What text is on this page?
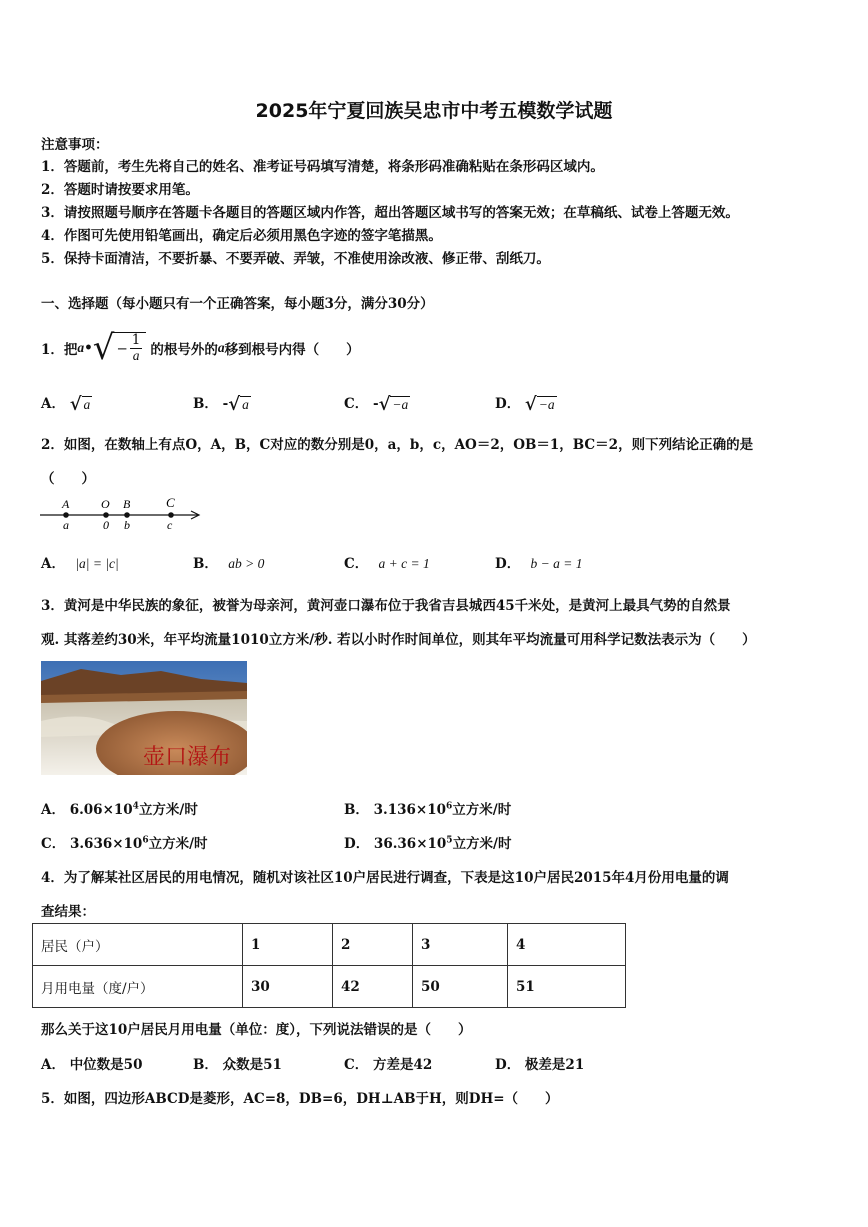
2025年宁夏回族吴忠市中考五模数学试题
注意事项：
1．答题前，考生先将自己的姓名、准考证号码填写清楚，将条形码准确粘贴在条形码区域内。
2．答题时请按要求用笔。
3．请按照题号顺序在答题卡各题目的答题区域内作答，超出答题区域书写的答案无效；在草稿纸、试卷上答题无效。
4．作图可先使用铅笔画出，确定后必须用黑色字迹的签字笔描黑。
5．保持卡面清洁，不要折暴、不要弄破、弄皱，不准使用涂改液、修正带、刮纸刀。
一、选择题（每小题只有一个正确答案，每小题3分，满分30分）
1． 把 a • √ − $\frac{1}{a}$ 的根号外的 a 移到根号内得（　　）
A． √ a	B． -√ a	C． -√ −a	D． √ −a
2．如图，在数轴上有点O，A，B，C对应的数分别是0，a，b，c，AO＝2，OB＝1，BC＝2，则下列结论正确的是
（　　）
A	O B	C
a	0 b	c
A． |a| = |c|	B． ab > 0	C． a + c = 1	D． b − a = 1
3．黄河是中华民族的象征，被誉为母亲河，黄河壶口瀑布位于我省吉县城西45千米处，是黄河上最具气势的自然景
观. 其落差约30米，年平均流量1010立方米/秒. 若以小时作时间单位，则其年平均流量可用科学记数法表示为（　　）
壶口瀑布
A． $6.06\times 10^4$立方米/时	B． $3.136\times 10^6$立方米/时
C． $3.636\times 10^6$立方米/时	D． $36.36\times 10^5$立方米/时
4．为了解某社区居民的用电情况，随机对该社区10户居民进行调查，下表是这10户居民2015年4月份用电量的调
查结果：
居民（户）	1	2	3	4
月用电量（度/户）	30	42	50	51
那么关于这10户居民月用电量（单位：度），下列说法错误的是（　　）
A． 中位数是50	B． 众数是51	C． 方差是42	D． 极差是21
5．如图，四边形ABCD是菱形，AC=8，DB=6，DH⊥AB于H，则DH=（　　）
